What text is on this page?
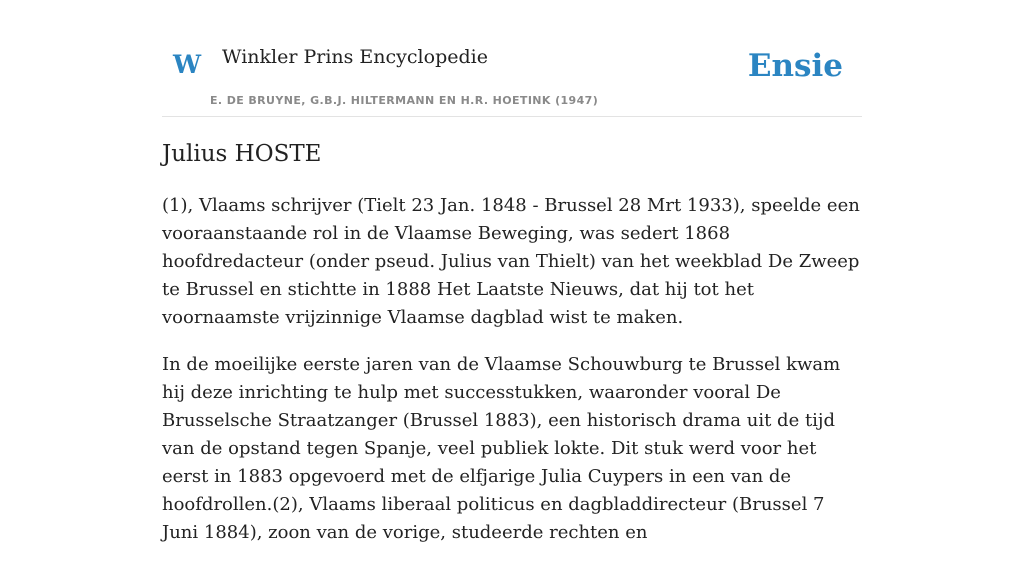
W Winkler Prins Encyclopedie
E. DE BRUYNE, G.B.J. HILTERMANN EN H.R. HOETINK (1947)
Ensie
Julius HOSTE

(1), Vlaams schrijver (Tielt 23 Jan. 1848 - Brussel 28 Mrt 1933), speelde een vooraanstaande rol in de Vlaamse Beweging, was sedert 1868 hoofdredacteur (onder pseud. Julius van Thielt) van het weekblad De Zweep te Brussel en stichtte in 1888 Het Laatste Nieuws, dat hij tot het voornaamste vrijzinnige Vlaamse dagblad wist te maken.

In de moeilijke eerste jaren van de Vlaamse Schouwburg te Brussel kwam hij deze inrichting te hulp met successtukken, waaronder vooral De Brusselsche Straatzanger (Brussel 1883), een historisch drama uit de tijd van de opstand tegen Spanje, veel publiek lokte. Dit stuk werd voor het eerst in 1883 opgevoerd met de elfjarige Julia Cuypers in een van de hoofdrollen.(2), Vlaams liberaal politicus en dagbladdirecteur (Brussel 7 Juni 1884), zoon van de vorige, studeerde rechten en
